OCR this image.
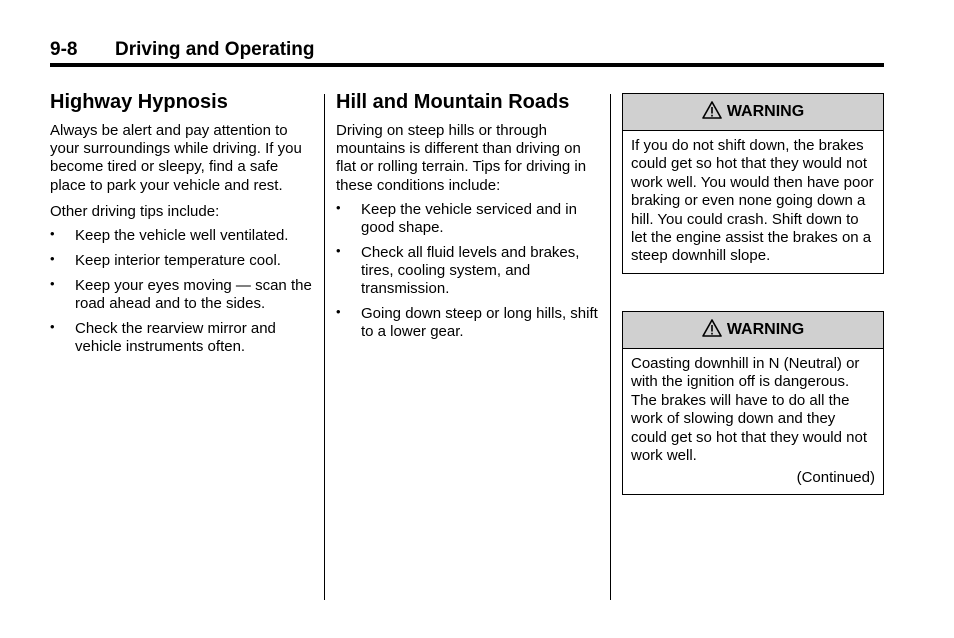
9-8 Driving and Operating
Highway Hypnosis

Always be alert and pay attention to your surroundings while driving. If you become tired or sleepy, find a safe place to park your vehicle and rest.

Other driving tips include:

• Keep the vehicle well ventilated.
• Keep interior temperature cool.
• Keep your eyes moving — scan the road ahead and to the sides.
• Check the rearview mirror and vehicle instruments often.
Hill and Mountain Roads

Driving on steep hills or through mountains is different than driving on flat or rolling terrain. Tips for driving in these conditions include:

• Keep the vehicle serviced and in good shape.
• Check all fluid levels and brakes, tires, cooling system, and transmission.
• Going down steep or long hills, shift to a lower gear.
WARNING
If you do not shift down, the brakes could get so hot that they would not work well. You would then have poor braking or even none going down a hill. You could crash. Shift down to let the engine assist the brakes on a steep downhill slope.
WARNING
Coasting downhill in N (Neutral) or with the ignition off is dangerous. The brakes will have to do all the work of slowing down and they could get so hot that they would not work well.
(Continued)
